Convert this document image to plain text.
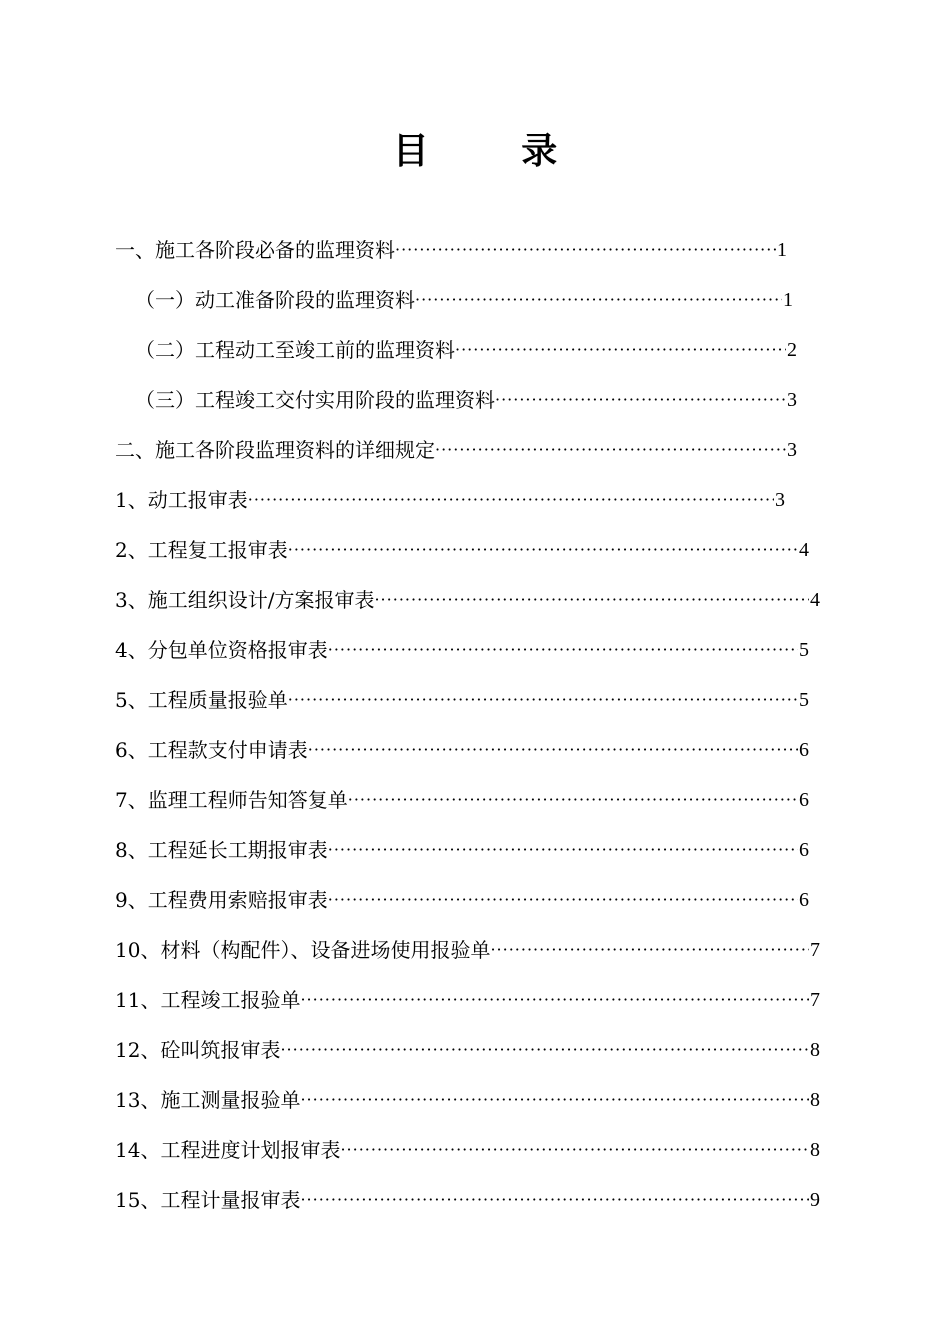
目 录
一、施工各阶段必备的监理资料 ·····	1
（一）动工准备阶段的监理资料 ·····	1
（二）工程动工至竣工前的监理资料 ·····	2
（三）工程竣工交付实用阶段的监理资料 ·····	3
二、施工各阶段监理资料的详细规定 ·····	3
1、动工报审表 ·····	3
2、工程复工报审表 ·····	4
3、施工组织设计/方案报审表 ·····	4
4、分包单位资格报审表 ·····	5
5、工程质量报验单 ·····	5
6、工程款支付申请表 ·····	6
7、监理工程师告知答复单 ·····	6
8、工程延长工期报审表 ·····	6
9、工程费用索赔报审表 ·····	6
10、材料（构配件）、设备进场使用报验单 ·····	7
11、工程竣工报验单 ·····	7
12、砼叫筑报审表 ·····	8
13、施工测量报验单 ·····	8
14、工程进度计划报审表 ·····	8
15、工程计量报审表 ·····	9
